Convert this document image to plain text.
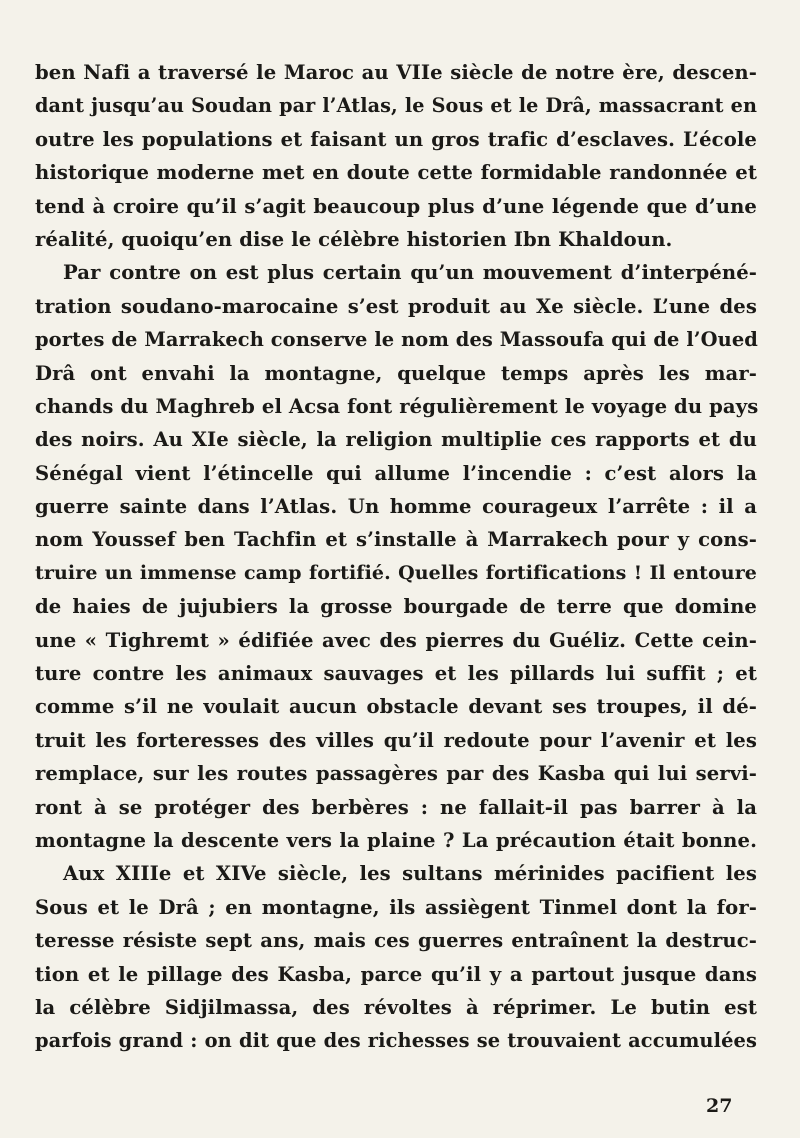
ben Nafi a traversé le Maroc au VIIe siècle de notre ère, descen-
dant jusqu’au Soudan par l’Atlas, le Sous et le Drâ, massacrant en
outre les populations et faisant un gros trafic d’esclaves. L’école
historique moderne met en doute cette formidable randonnée et
tend à croire qu’il s’agit beaucoup plus d’une légende que d’une
réalité, quoiqu’en dise le célèbre historien Ibn Khaldoun.
Par contre on est plus certain qu’un mouvement d’interpéné-
tration soudano-marocaine s’est produit au Xe siècle. L’une des
portes de Marrakech conserve le nom des Massoufa qui de l’Oued
Drâ ont envahi la montagne, quelque temps après les mar-
chands du Maghreb el Acsa font régulièrement le voyage du pays
des noirs. Au XIe siècle, la religion multiplie ces rapports et du
Sénégal vient l’étincelle qui allume l’incendie : c’est alors la
guerre sainte dans l’Atlas. Un homme courageux l’arrête : il a
nom Youssef ben Tachfin et s’installe à Marrakech pour y cons-
truire un immense camp fortifié. Quelles fortifications ! Il entoure
de haies de jujubiers la grosse bourgade de terre que domine
une « Tighremt » édifiée avec des pierres du Guéliz. Cette cein-
ture contre les animaux sauvages et les pillards lui suffit ; et
comme s’il ne voulait aucun obstacle devant ses troupes, il dé-
truit les forteresses des villes qu’il redoute pour l’avenir et les
remplace, sur les routes passagères par des Kasba qui lui servi-
ront à se protéger des berbères : ne fallait-il pas barrer à la
montagne la descente vers la plaine ? La précaution était bonne.
Aux XIIIe et XIVe siècle, les sultans mérinides pacifient les
Sous et le Drâ ; en montagne, ils assiègent Tinmel dont la for-
teresse résiste sept ans, mais ces guerres entraînent la destruc-
tion et le pillage des Kasba, parce qu’il y a partout jusque dans
la célèbre Sidjilmassa, des révoltes à réprimer. Le butin est
parfois grand : on dit que des richesses se trouvaient accumulées
27
